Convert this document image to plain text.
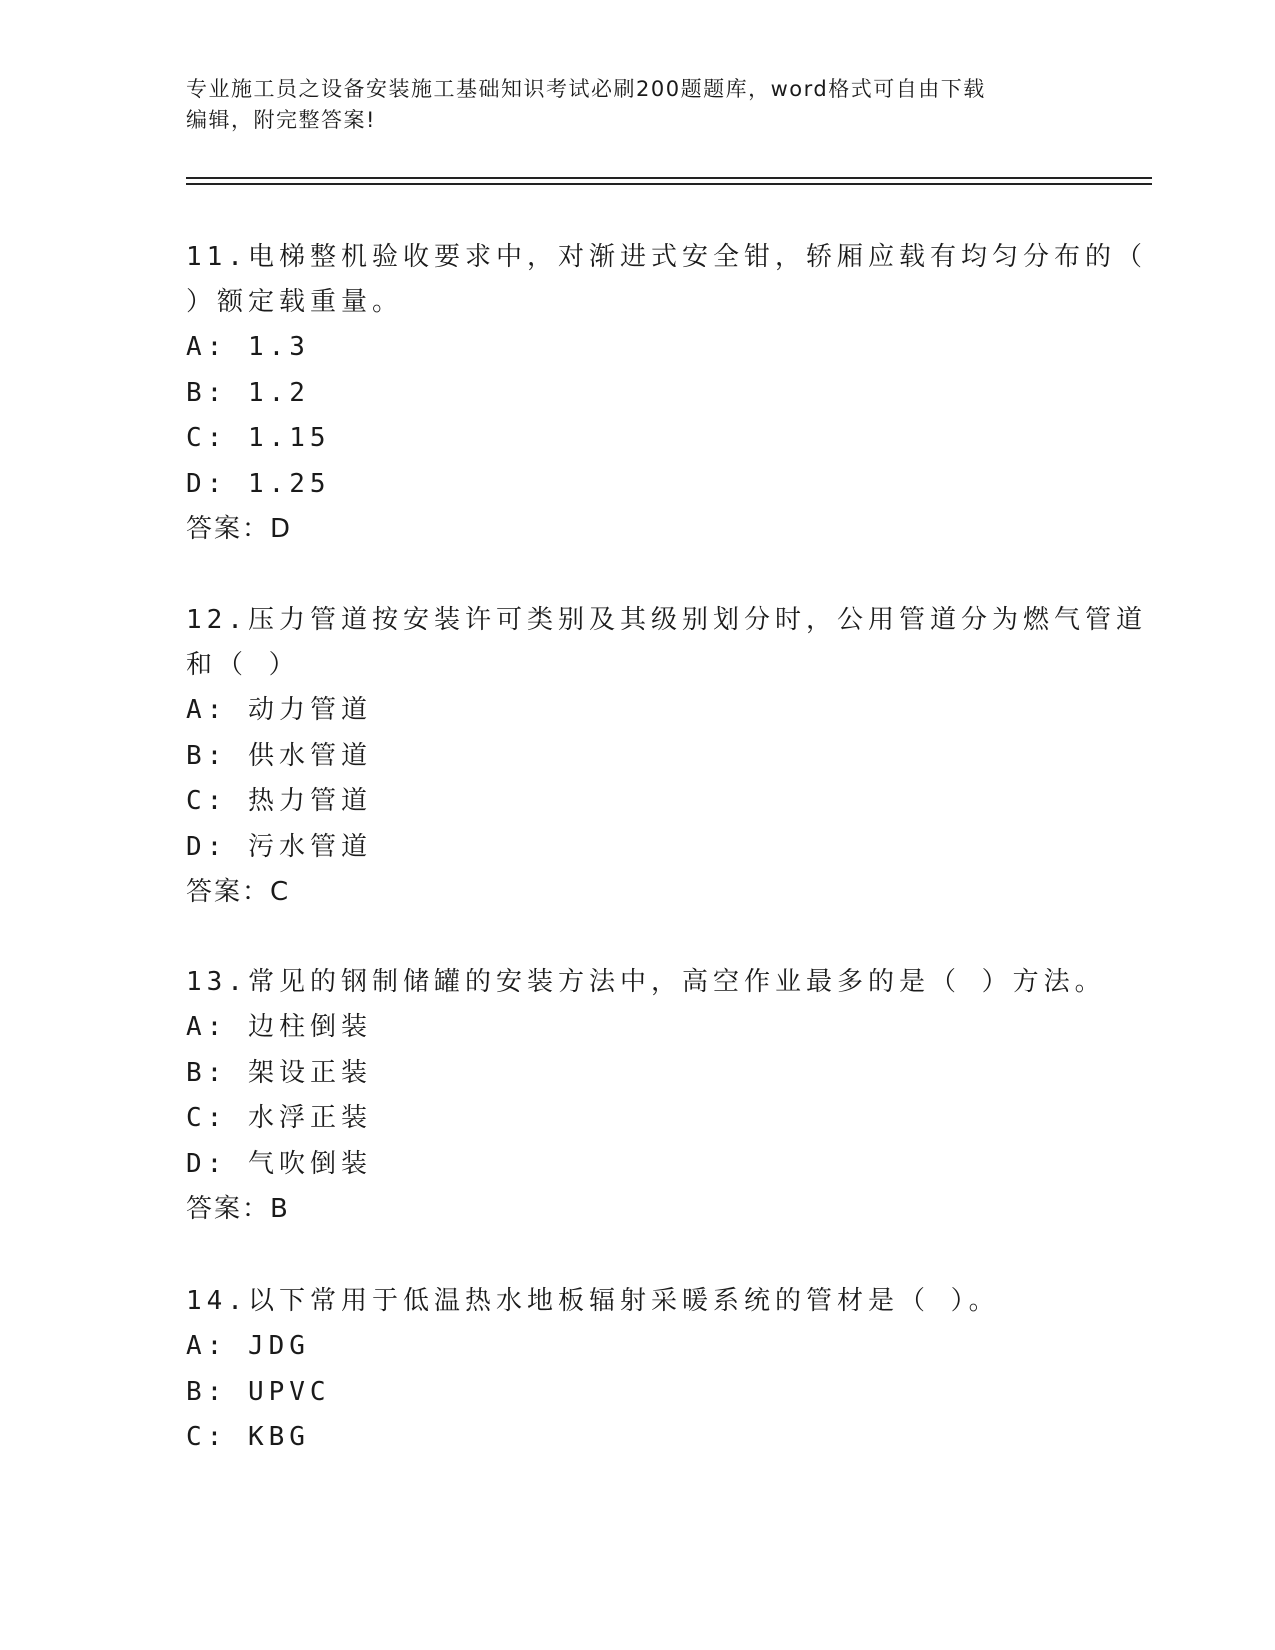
专业施工员之设备安装施工基础知识考试必刷200题题库，word格式可自由下载
编辑，附完整答案!
11.电梯整机验收要求中，对渐进式安全钳，轿厢应载有均匀分布的（
）额定载重量。
A: 1.3
B: 1.2
C: 1.15
D: 1.25
答案：D
12.压力管道按安装许可类别及其级别划分时，公用管道分为燃气管道
和（ ）
A: 动力管道
B: 供水管道
C: 热力管道
D: 污水管道
答案：C
13.常见的钢制储罐的安装方法中，高空作业最多的是（ ）方法。
A: 边柱倒装
B: 架设正装
C: 水浮正装
D: 气吹倒装
答案：B
14.以下常用于低温热水地板辐射采暖系统的管材是（ ）。
A: JDG
B: UPVC
C: KBG
